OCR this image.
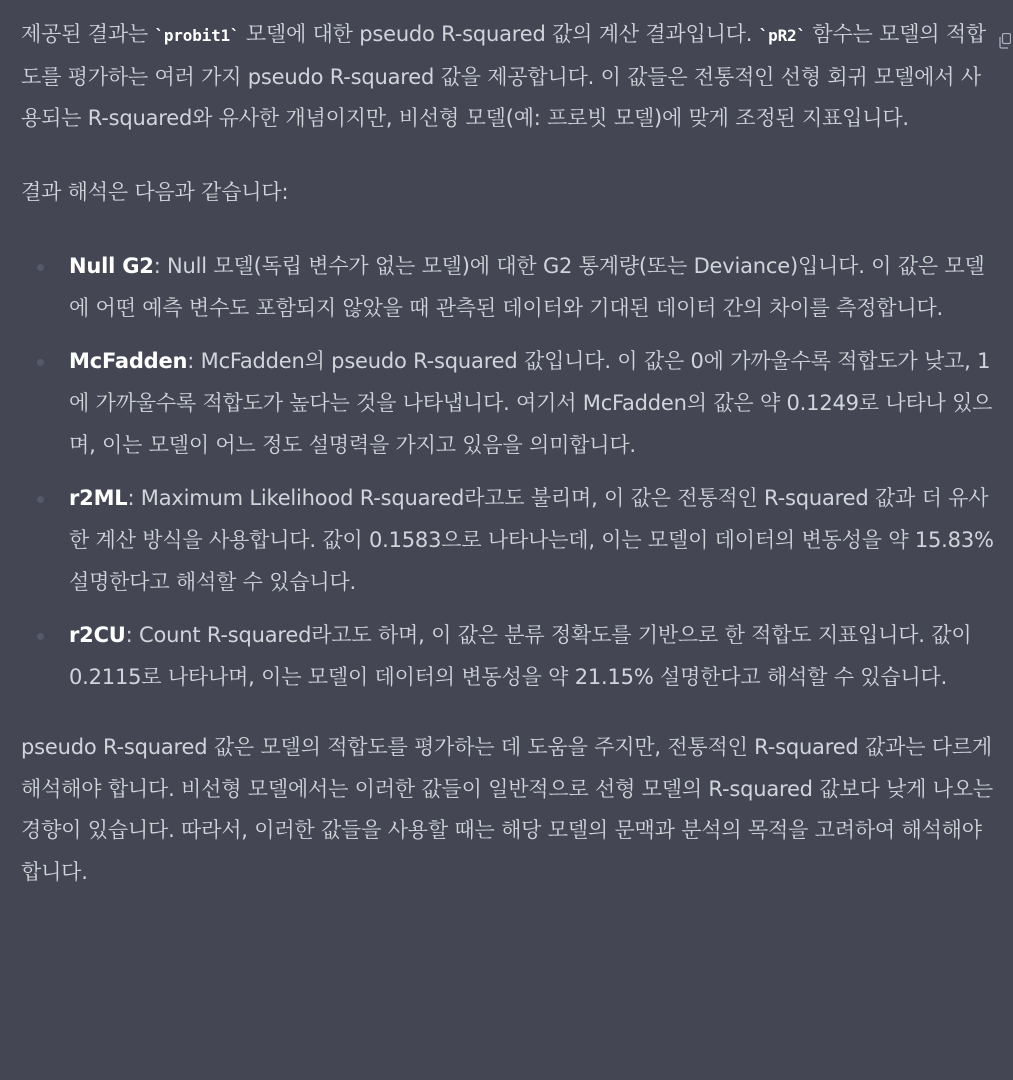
제공된 결과는 `probit1` 모델에 대한 pseudo R-squared 값의 계산 결과입니다. `pR2` 함수는 모델의 적합도를 평가하는 여러 가지 pseudo R-squared 값을 제공합니다. 이 값들은 전통적인 선형 회귀 모델에서 사용되는 R-squared와 유사한 개념이지만, 비선형 모델(예: 프로빗 모델)에 맞게 조정된 지표입니다.

결과 해석은 다음과 같습니다:

Null G2: Null 모델(독립 변수가 없는 모델)에 대한 G2 통계량(또는 Deviance)입니다. 이 값은 모델에 어떤 예측 변수도 포함되지 않았을 때 관측된 데이터와 기대된 데이터 간의 차이를 측정합니다.
McFadden: McFadden의 pseudo R-squared 값입니다. 이 값은 0에 가까울수록 적합도가 낮고, 1에 가까울수록 적합도가 높다는 것을 나타냅니다. 여기서 McFadden의 값은 약 0.1249로 나타나 있으며, 이는 모델이 어느 정도 설명력을 가지고 있음을 의미합니다.
r2ML: Maximum Likelihood R-squared라고도 불리며, 이 값은 전통적인 R-squared 값과 더 유사한 계산 방식을 사용합니다. 값이 0.1583으로 나타나는데, 이는 모델이 데이터의 변동성을 약 15.83% 설명한다고 해석할 수 있습니다.
r2CU: Count R-squared라고도 하며, 이 값은 분류 정확도를 기반으로 한 적합도 지표입니다. 값이 0.2115로 나타나며, 이는 모델이 데이터의 변동성을 약 21.15% 설명한다고 해석할 수 있습니다.

pseudo R-squared 값은 모델의 적합도를 평가하는 데 도움을 주지만, 전통적인 R-squared 값과는 다르게 해석해야 합니다. 비선형 모델에서는 이러한 값들이 일반적으로 선형 모델의 R-squared 값보다 낮게 나오는 경향이 있습니다. 따라서, 이러한 값들을 사용할 때는 해당 모델의 문맥과 분석의 목적을 고려하여 해석해야 합니다.
